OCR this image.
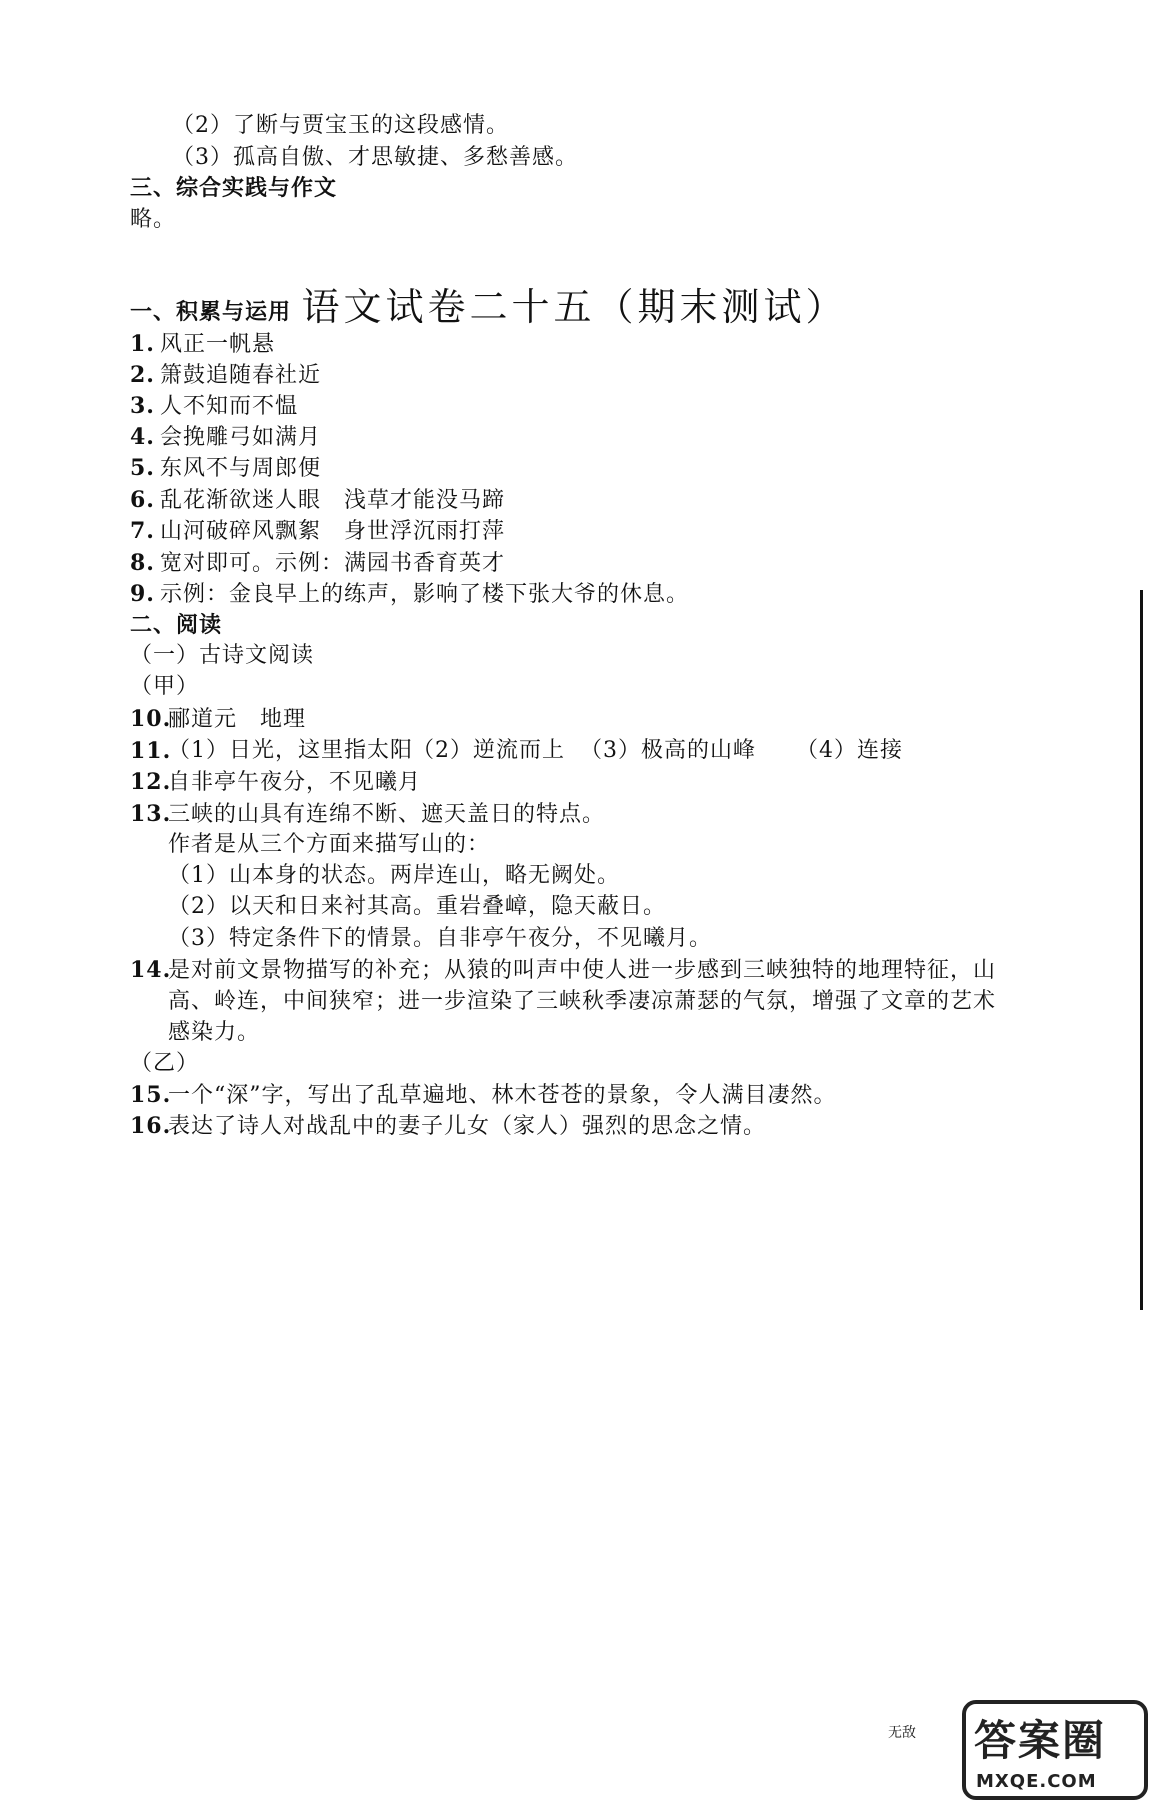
（2）了断与贾宝玉的这段感情。
（3）孤高自傲、才思敏捷、多愁善感。
三、综合实践与作文
略。
语文试卷二十五（期末测试）
一、积累与运用
1. 风正一帆悬
2. 箫鼓追随春社近
3. 人不知而不愠
4. 会挽雕弓如满月
5. 东风不与周郎便
6. 乱花渐欲迷人眼　浅草才能没马蹄
7. 山河破碎风飘絮　身世浮沉雨打萍
8. 宽对即可。示例：满园书香育英才
9. 示例：金良早上的练声，影响了楼下张大爷的休息。
二、阅读
（一）古诗文阅读
（甲）
10.郦道元　地理
11.
（1）日光，这里指太阳 （2）逆流而上 （3）极高的山峰 （4）连接
12.自非亭午夜分，不见曦月
13.三峡的山具有连绵不断、遮天盖日的特点。
作者是从三个方面来描写山的：
（1）山本身的状态。两岸连山，略无阙处。
（2）以天和日来衬其高。重岩叠嶂，隐天蔽日。
（3）特定条件下的情景。自非亭午夜分，不见曦月。
14.是对前文景物描写的补充；从猿的叫声中使人进一步感到三峡独特的地理特征，山
高、岭连，中间狭窄；进一步渲染了三峡秋季凄凉萧瑟的气氛，增强了文章的艺术
感染力。
（乙）
15.一个“深”字，写出了乱草遍地、林木苍苍的景象，令人满目凄然。
16.表达了诗人对战乱中的妻子儿女（家人）强烈的思念之情。
无敌 答案圈
MXQE.COM
